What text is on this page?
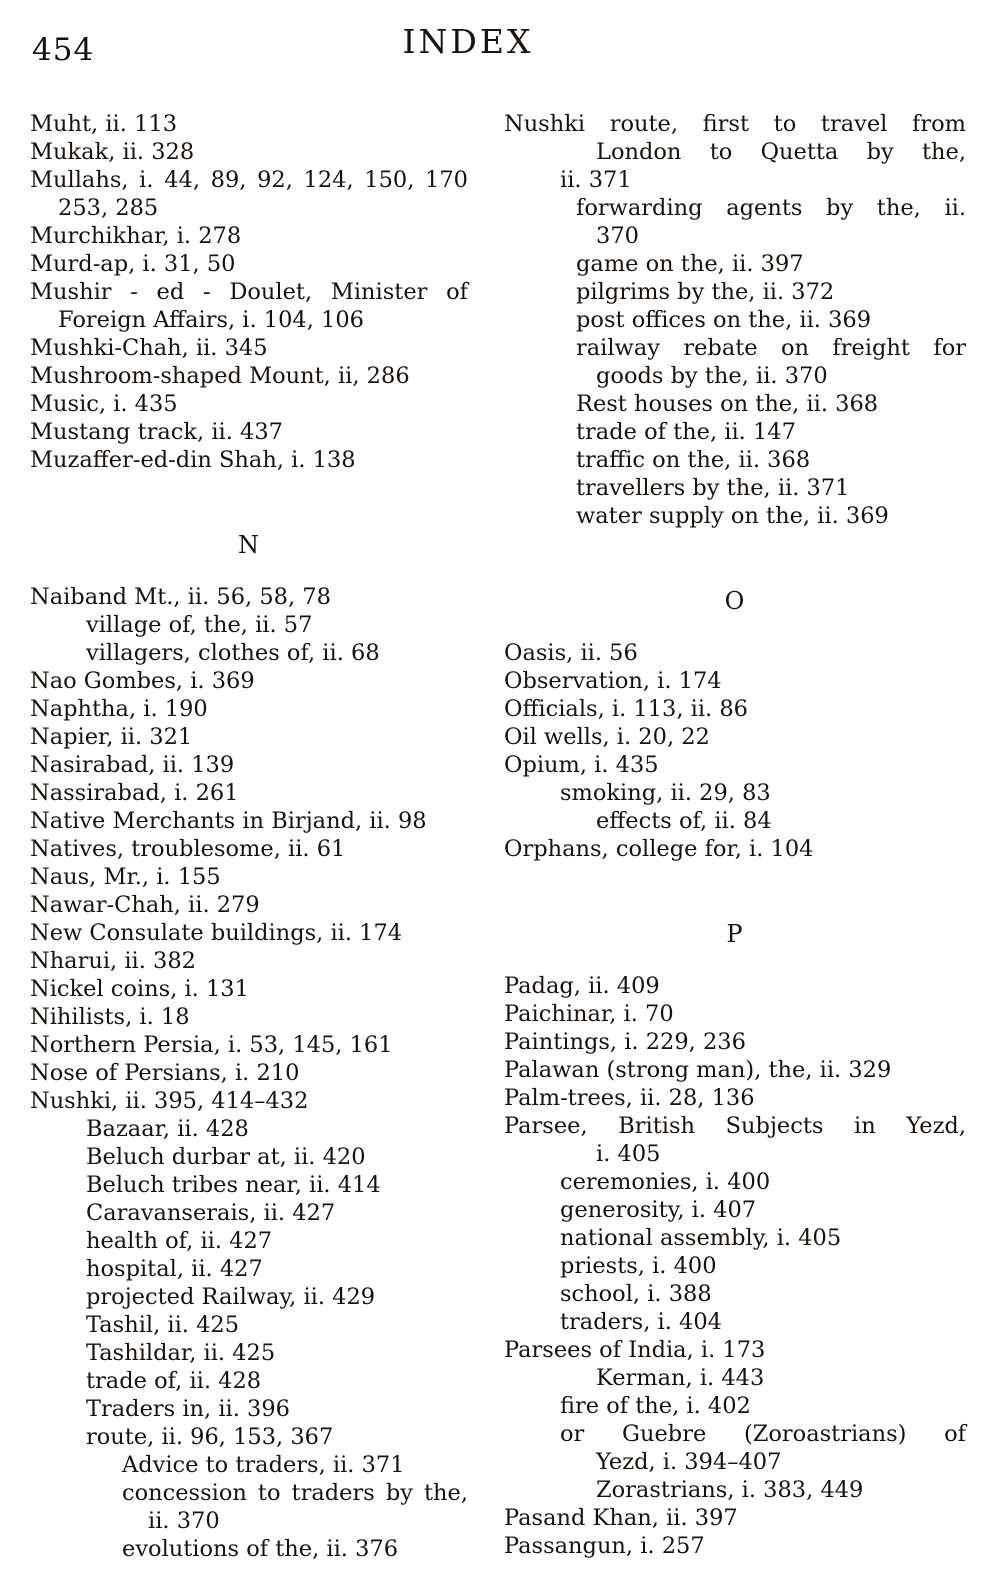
454	INDEX
Muht, ii. 113
Mukak, ii. 328
Mullahs, i. 44, 89, 92, 124, 150, 170
253, 285
Murchikhar, i. 278
Murd-ap, i. 31, 50
Mushir - ed - Doulet, Minister of
Foreign Affairs, i. 104, 106
Mushki-Chah, ii. 345
Mushroom-shaped Mount, ii, 286
Music, i. 435
Mustang track, ii. 437
Muzaffer-ed-din Shah, i. 138
N
Naiband Mt., ii. 56, 58, 78
village of, the, ii. 57
villagers, clothes of, ii. 68
Nao Gombes, i. 369
Naphtha, i. 190
Napier, ii. 321
Nasirabad, ii. 139
Nassirabad, i. 261
Native Merchants in Birjand, ii. 98
Natives, troublesome, ii. 61
Naus, Mr., i. 155
Nawar-Chah, ii. 279
New Consulate buildings, ii. 174
Nharui, ii. 382
Nickel coins, i. 131
Nihilists, i. 18
Northern Persia, i. 53, 145, 161
Nose of Persians, i. 210
Nushki, ii. 395, 414–432
Bazaar, ii. 428
Beluch durbar at, ii. 420
Beluch tribes near, ii. 414
Caravanserais, ii. 427
health of, ii. 427
hospital, ii. 427
projected Railway, ii. 429
Tashil, ii. 425
Tashildar, ii. 425
trade of, ii. 428
Traders in, ii. 396
route, ii. 96, 153, 367
Advice to traders, ii. 371
concession to traders by the,
ii. 370
evolutions of the, ii. 376
Nushki route, first to travel from
London to Quetta by the,
ii. 371
forwarding agents by the, ii.
370
game on the, ii. 397
pilgrims by the, ii. 372
post offices on the, ii. 369
railway rebate on freight for
goods by the, ii. 370
Rest houses on the, ii. 368
trade of the, ii. 147
traffic on the, ii. 368
travellers by the, ii. 371
water supply on the, ii. 369
O
Oasis, ii. 56
Observation, i. 174
Officials, i. 113, ii. 86
Oil wells, i. 20, 22
Opium, i. 435
smoking, ii. 29, 83
effects of, ii. 84
Orphans, college for, i. 104
P
Padag, ii. 409
Paichinar, i. 70
Paintings, i. 229, 236
Palawan (strong man), the, ii. 329
Palm-trees, ii. 28, 136
Parsee, British Subjects in Yezd,
i. 405
ceremonies, i. 400
generosity, i. 407
national assembly, i. 405
priests, i. 400
school, i. 388
traders, i. 404
Parsees of India, i. 173
Kerman, i. 443
fire of the, i. 402
or Guebre (Zoroastrians) of
Yezd, i. 394–407
Zorastrians, i. 383, 449
Pasand Khan, ii. 397
Passangun, i. 257
